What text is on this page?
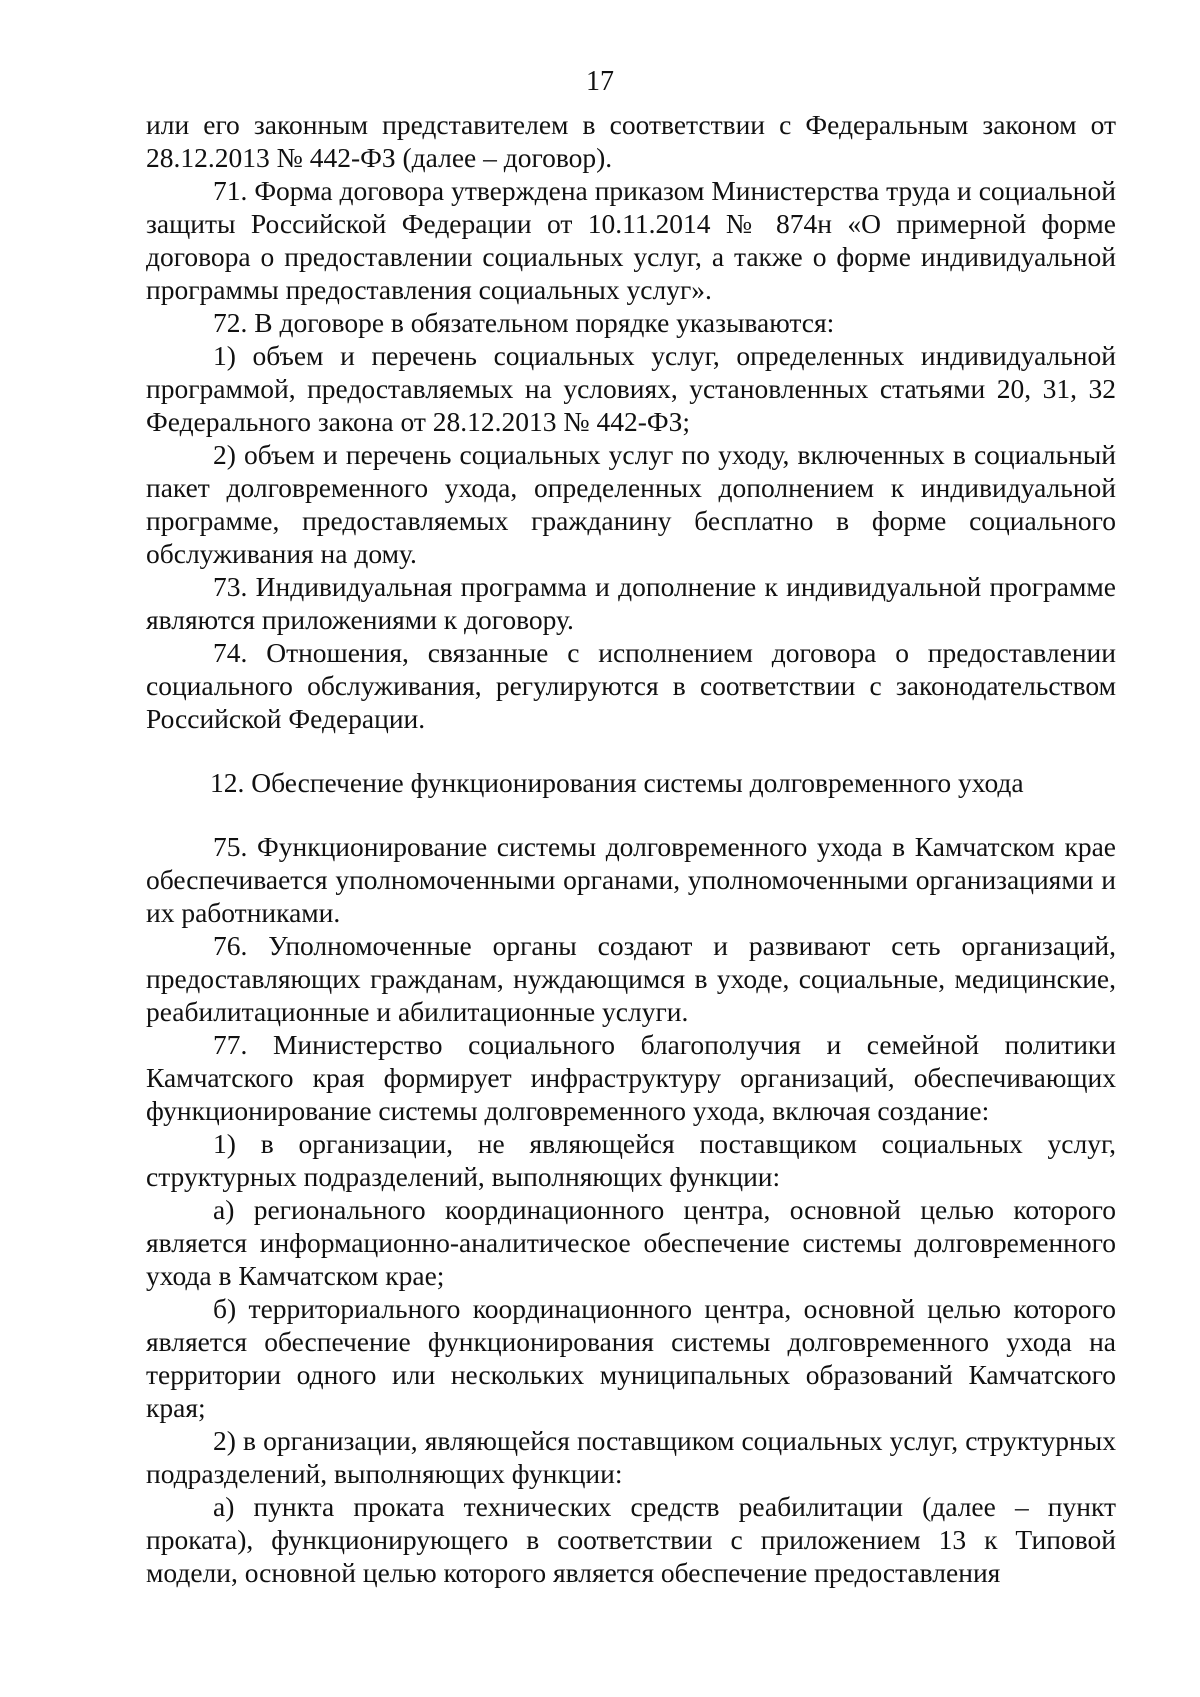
17

или его законным представителем в соответствии с Федеральным законом от 28.12.2013 № 442-ФЗ (далее – договор).

71. Форма договора утверждена приказом Министерства труда и социальной защиты Российской Федерации от 10.11.2014 № 874н «О примерной форме договора о предоставлении социальных услуг, а также о форме индивидуальной программы предоставления социальных услуг».

72. В договоре в обязательном порядке указываются:

1) объем и перечень социальных услуг, определенных индивидуальной программой, предоставляемых на условиях, установленных статьями 20, 31, 32 Федерального закона от 28.12.2013 № 442-ФЗ;

2) объем и перечень социальных услуг по уходу, включенных в социальный пакет долговременного ухода, определенных дополнением к индивидуальной программе, предоставляемых гражданину бесплатно в форме социального обслуживания на дому.

73. Индивидуальная программа и дополнение к индивидуальной программе являются приложениями к договору.

74. Отношения, связанные с исполнением договора о предоставлении социального обслуживания, регулируются в соответствии с законодательством Российской Федерации.

12. Обеспечение функционирования системы долговременного ухода

75. Функционирование системы долговременного ухода в Камчатском крае обеспечивается уполномоченными органами, уполномоченными организациями и их работниками.

76. Уполномоченные органы создают и развивают сеть организаций, предоставляющих гражданам, нуждающимся в уходе, социальные, медицинские, реабилитационные и абилитационные услуги.

77. Министерство социального благополучия и семейной политики Камчатского края формирует инфраструктуру организаций, обеспечивающих функционирование системы долговременного ухода, включая создание:

1) в организации, не являющейся поставщиком социальных услуг, структурных подразделений, выполняющих функции:

а) регионального координационного центра, основной целью которого является информационно-аналитическое обеспечение системы долговременного ухода в Камчатском крае;

б) территориального координационного центра, основной целью которого является обеспечение функционирования системы долговременного ухода на территории одного или нескольких муниципальных образований Камчатского края;

2) в организации, являющейся поставщиком социальных услуг, структурных подразделений, выполняющих функции:

а) пункта проката технических средств реабилитации (далее – пункт проката), функционирующего в соответствии с приложением 13 к Типовой модели, основной целью которого является обеспечение предоставления
